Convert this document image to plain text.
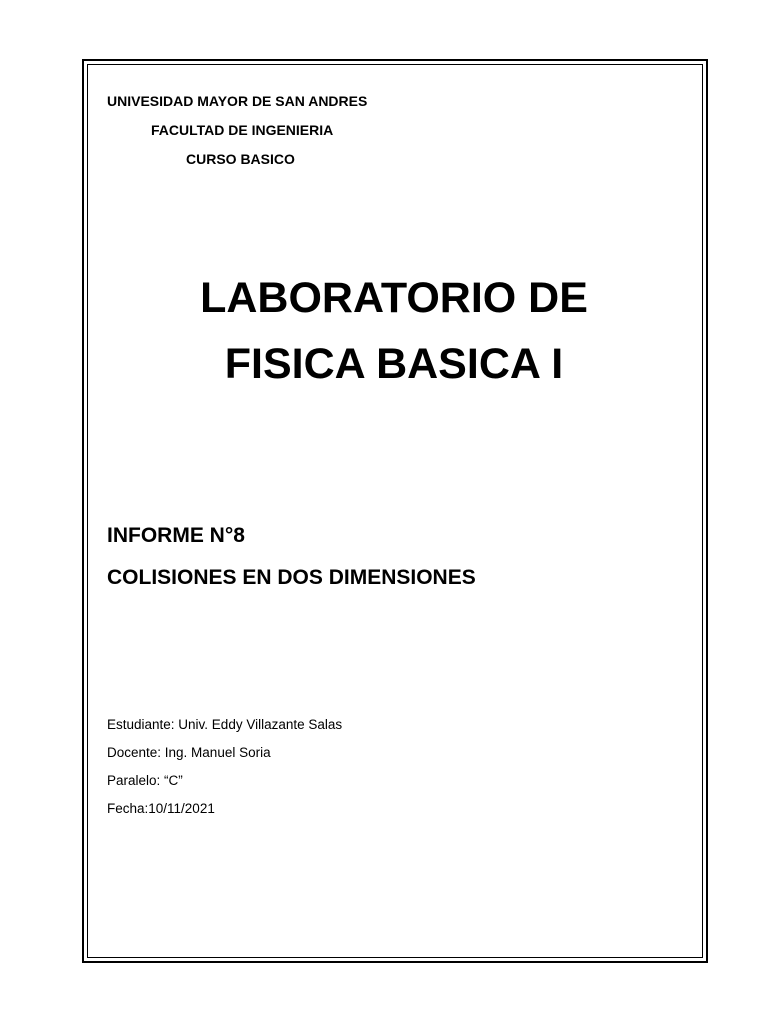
UNIVESIDAD MAYOR DE SAN ANDRES
FACULTAD DE INGENIERIA
CURSO BASICO
LABORATORIO DE
FISICA BASICA I
INFORME N°8
COLISIONES EN DOS DIMENSIONES
Estudiante: Univ. Eddy Villazante Salas
Docente: Ing. Manuel Soria
Paralelo: “C”
Fecha:10/11/2021
